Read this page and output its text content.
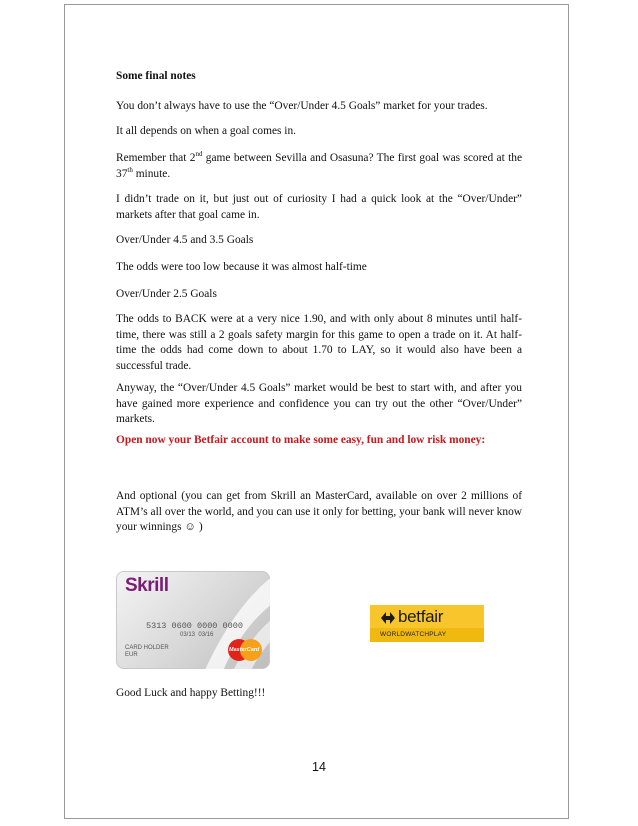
Some final notes

You don’t always have to use the “Over/Under 4.5 Goals” market for your trades.

It all depends on when a goal comes in.

Remember that 2nd game between Sevilla and Osasuna? The first goal was scored at the 37th minute.

I didn’t trade on it, but just out of curiosity I had a quick look at the “Over/Under” markets after that goal came in.

Over/Under 4.5 and 3.5 Goals

The odds were too low because it was almost half-time

Over/Under 2.5 Goals

The odds to BACK were at a very nice 1.90, and with only about 8 minutes until half-time, there was still a 2 goals safety margin for this game to open a trade on it. At half-time the odds had come down to about 1.70 to LAY, so it would also have been a successful trade.

Anyway, the “Over/Under 4.5 Goals” market would be best to start with, and after you have gained more experience and confidence you can try out the other “Over/Under” markets.

Open now your Betfair account to make some easy, fun and low risk money:

And optional (you can get from Skrill an MasterCard, available on over 2 millions of ATM’s all over the world, and you can use it only for betting, your bank will never know your winnings ☺ )

Skrill
5313 0600 0000 0000
03/13 03/16
CARD HOLDER
EUR
MasterCard
betfair
WORLDWATCHPLAY

Good Luck and happy Betting!!!

14
